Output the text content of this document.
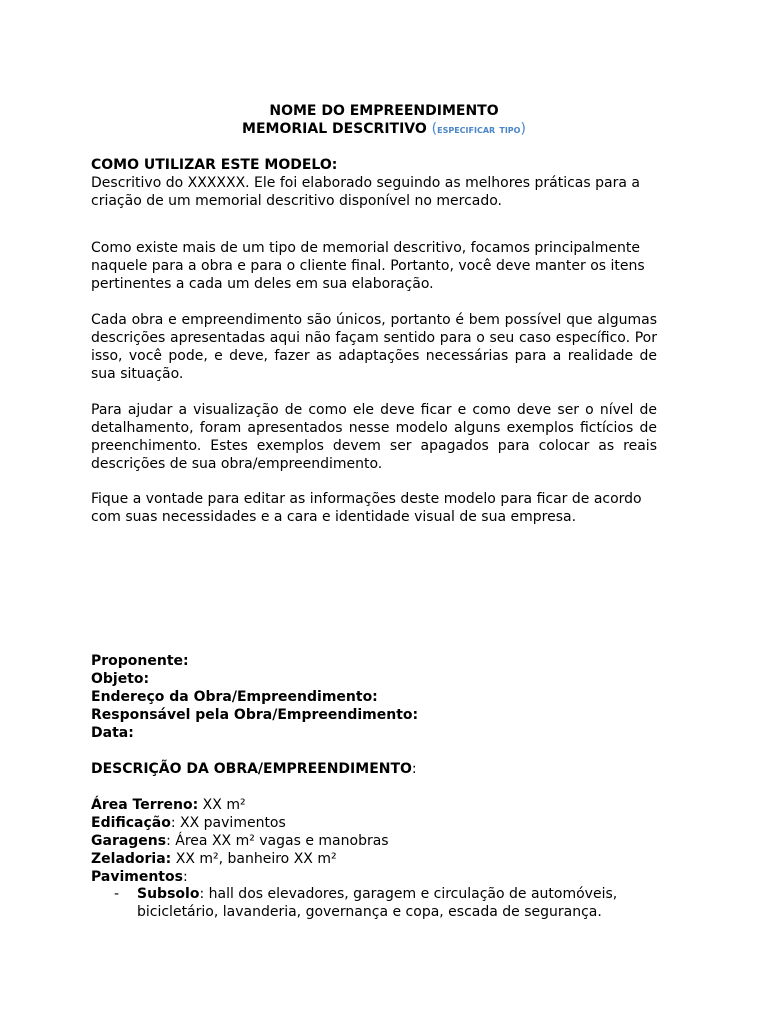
NOME DO EMPREENDIMENTO

MEMORIAL DESCRITIVO (especificar tipo)

COMO UTILIZAR ESTE MODELO:

Descritivo do XXXXXX. Ele foi elaborado seguindo as melhores práticas para a criação de um memorial descritivo disponível no mercado.

Como existe mais de um tipo de memorial descritivo, focamos principalmente naquele para a obra e para o cliente final. Portanto, você deve manter os itens pertinentes a cada um deles em sua elaboração.

Cada obra e empreendimento são únicos, portanto é bem possível que algumas descrições apresentadas aqui não façam sentido para o seu caso específico. Por isso, você pode, e deve, fazer as adaptações necessárias para a realidade de sua situação.

Para ajudar a visualização de como ele deve ficar e como deve ser o nível de detalhamento, foram apresentados nesse modelo alguns exemplos fictícios de preenchimento. Estes exemplos devem ser apagados para colocar as reais descrições de sua obra/empreendimento.

Fique a vontade para editar as informações deste modelo para ficar de acordo com suas necessidades e a cara e identidade visual de sua empresa.

Proponente:
Objeto:
Endereço da Obra/Empreendimento:
Responsável pela Obra/Empreendimento:
Data:
DESCRIÇÃO DA OBRA/EMPREENDIMENTO:
Área Terreno: XX m²
Edificação: XX pavimentos
Garagens: Área XX m² vagas e manobras
Zeladoria: XX m², banheiro XX m²
Pavimentos:
- Subsolo: hall dos elevadores, garagem e circulação de automóveis, bicicletário, lavanderia, governança e copa, escada de segurança.
